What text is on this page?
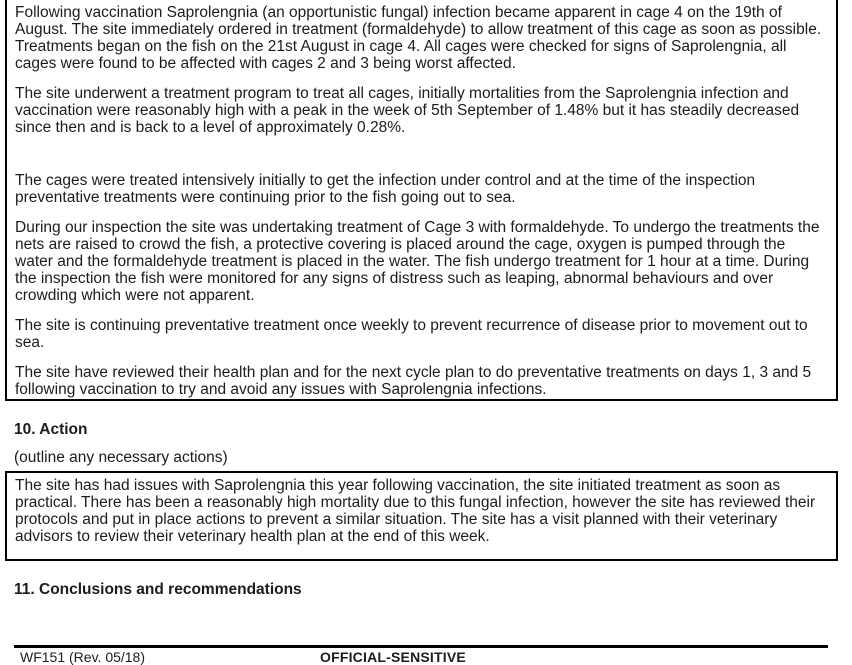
Following vaccination Saprolengnia (an opportunistic fungal) infection became apparent in cage 4 on the 19th of August. The site immediately ordered in treatment (formaldehyde) to allow treatment of this cage as soon as possible. Treatments began on the fish on the 21st August in cage 4. All cages were checked for signs of Saprolengnia, all cages were found to be affected with cages 2 and 3 being worst affected.

The site underwent a treatment program to treat all cages, initially mortalities from the Saprolengnia infection and vaccination were reasonably high with a peak in the week of 5th September of 1.48% but it has steadily decreased since then and is back to a level of approximately 0.28%.

The cages were treated intensively initially to get the infection under control and at the time of the inspection preventative treatments were continuing prior to the fish going out to sea.

During our inspection the site was undertaking treatment of Cage 3 with formaldehyde. To undergo the treatments the nets are raised to crowd the fish, a protective covering is placed around the cage, oxygen is pumped through the water and the formaldehyde treatment is placed in the water. The fish undergo treatment for 1 hour at a time. During the inspection the fish were monitored for any signs of distress such as leaping, abnormal behaviours and over crowding which were not apparent.

The site is continuing preventative treatment once weekly to prevent recurrence of disease prior to movement out to sea.

The site have reviewed their health plan and for the next cycle plan to do preventative treatments on days 1, 3 and 5 following vaccination to try and avoid any issues with Saprolengnia infections.

10. Action

(outline any necessary actions)

The site has had issues with Saprolengnia this year following vaccination, the site initiated treatment as soon as practical. There has been a reasonably high mortality due to this fungal infection, however the site has reviewed their protocols and put in place actions to prevent a similar situation. The site has a visit planned with their veterinary advisors to review their veterinary health plan at the end of this week.

11. Conclusions and recommendations
WF151 (Rev. 05/18)	OFFICIAL-SENSITIVE
